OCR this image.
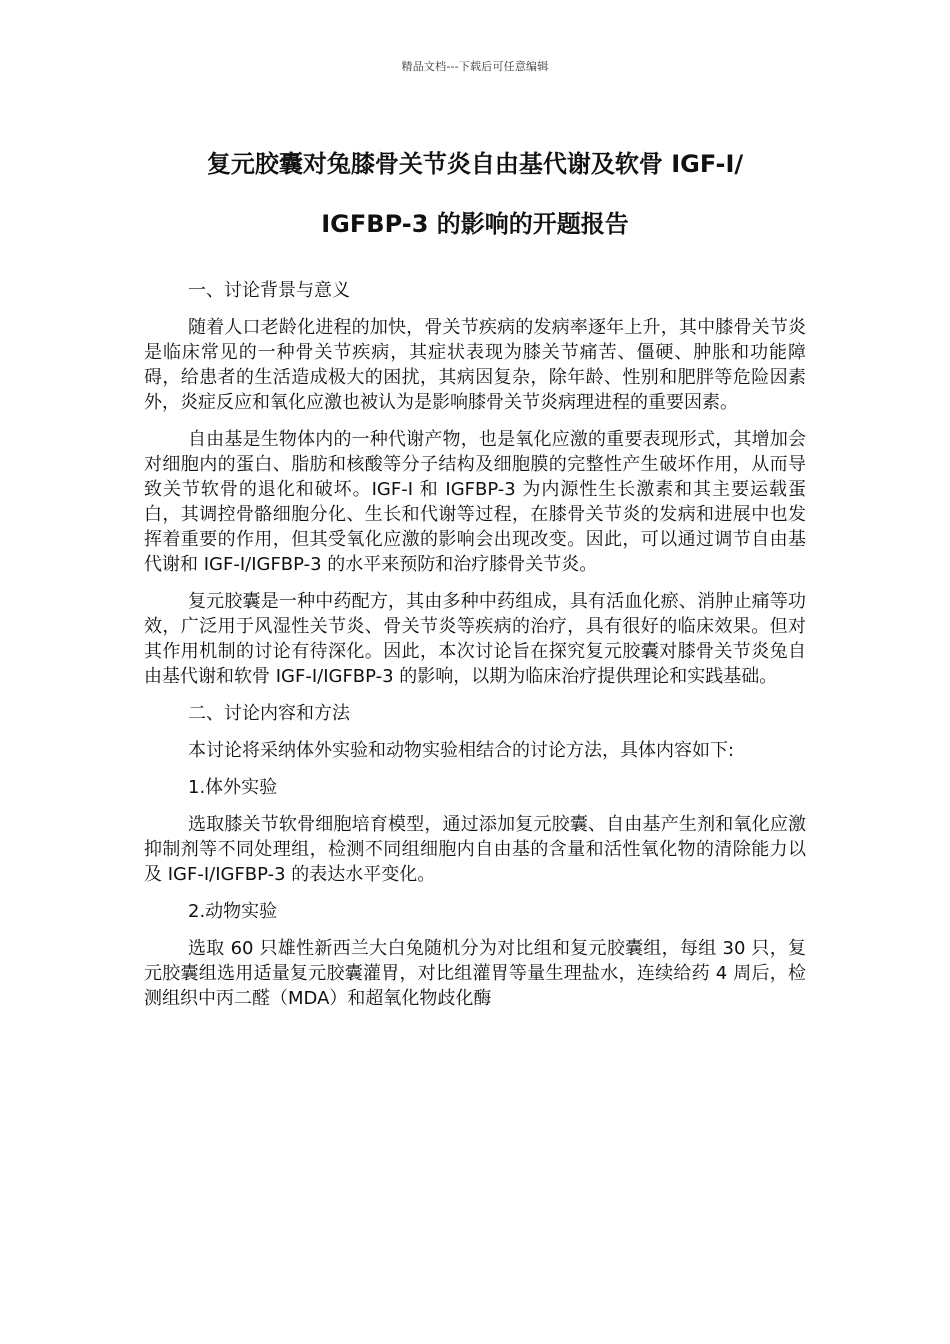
精品文档---下载后可任意编辑
复元胶囊对兔膝骨关节炎自由基代谢及软骨 IGF-I/
IGFBP-3 的影响的开题报告

一、讨论背景与意义

随着人口老龄化进程的加快，骨关节疾病的发病率逐年上升，其中膝骨关节炎是临床常见的一种骨关节疾病，其症状表现为膝关节痛苦、僵硬、肿胀和功能障碍，给患者的生活造成极大的困扰，其病因复杂，除年龄、性别和肥胖等危险因素外，炎症反应和氧化应激也被认为是影响膝骨关节炎病理进程的重要因素。

自由基是生物体内的一种代谢产物，也是氧化应激的重要表现形式，其增加会对细胞内的蛋白、脂肪和核酸等分子结构及细胞膜的完整性产生破坏作用，从而导致关节软骨的退化和破坏。IGF-I 和 IGFBP-3 为内源性生长激素和其主要运载蛋白，其调控骨骼细胞分化、生长和代谢等过程，在膝骨关节炎的发病和进展中也发挥着重要的作用，但其受氧化应激的影响会出现改变。因此，可以通过调节自由基代谢和 IGF-I/IGFBP-3 的水平来预防和治疗膝骨关节炎。

复元胶囊是一种中药配方，其由多种中药组成，具有活血化瘀、消肿止痛等功效，广泛用于风湿性关节炎、骨关节炎等疾病的治疗，具有很好的临床效果。但对其作用机制的讨论有待深化。因此，本次讨论旨在探究复元胶囊对膝骨关节炎兔自由基代谢和软骨 IGF-I/IGFBP-3 的影响，以期为临床治疗提供理论和实践基础。

二、讨论内容和方法

本讨论将采纳体外实验和动物实验相结合的讨论方法，具体内容如下:

1.体外实验

选取膝关节软骨细胞培育模型，通过添加复元胶囊、自由基产生剂和氧化应激抑制剂等不同处理组，检测不同组细胞内自由基的含量和活性氧化物的清除能力以及 IGF-I/IGFBP-3 的表达水平变化。

2.动物实验

选取 60 只雄性新西兰大白兔随机分为对比组和复元胶囊组，每组 30 只，复元胶囊组选用适量复元胶囊灌胃，对比组灌胃等量生理盐水，连续给药 4 周后，检测组织中丙二醛（MDA）和超氧化物歧化酶
